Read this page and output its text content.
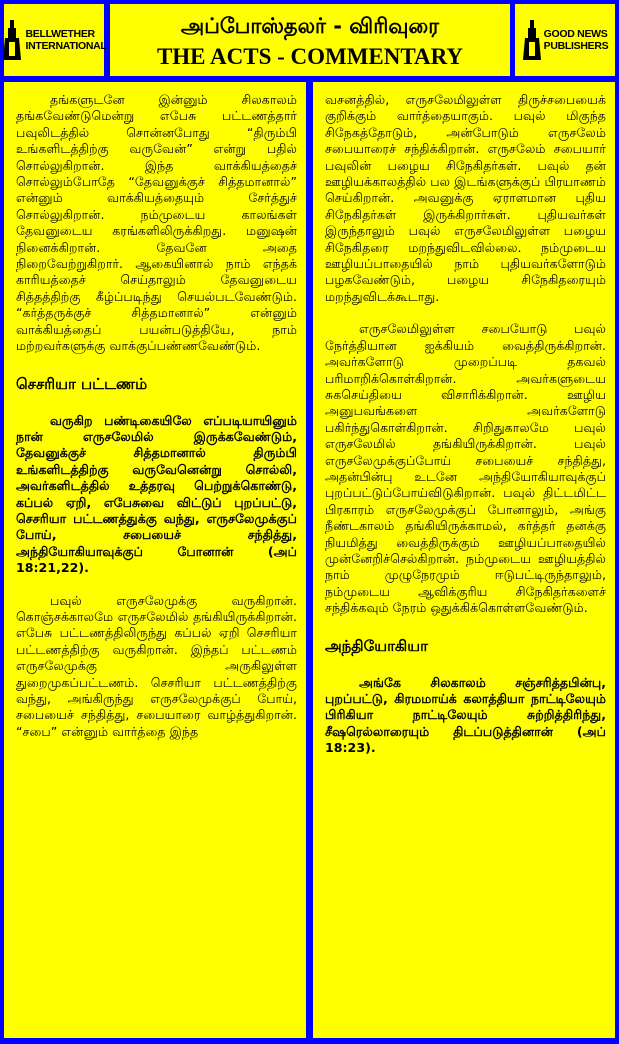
BELLWETHER
INTERNATIONAL
அப்போஸ்தலர் - விரிவுரை
THE ACTS - COMMENTARY
GOOD NEWS
PUBLISHERS

தங்களுடனே இன்னும் சிலகாலம் தங்கவேண்டுமென்று எபேசு பட்டணத்தார் பவுலிடத்தில் சொன்னபோது “திரும்பி உங்களிடத்திற்கு வருவேன்” என்று பதில் சொல்லுகிறான். இந்த வாக்கியத்தைச் சொல்லும்போதே “தேவனுக்குச் சித்தமானால்” என்னும் வாக்கியத்தையும் சேர்த்துச் சொல்லுகிறான். நம்முடைய காலங்கள் தேவனுடைய கரங்களிலிருக்கிறது. மனுஷன் நினைக்கிறான். தேவனே அதை நிறைவேற்றுகிறார். ஆகையினால் நாம் எந்தக் காரியத்தைச் செய்தாலும் தேவனுடைய சித்தத்திற்கு கீழ்ப்படிந்து செயல்படவேண்டும். “கர்த்தருக்குச் சித்தமானால்” என்னும் வாக்கியத்தைப் பயன்படுத்தியே, நாம் மற்றவர்களுக்கு வாக்குப்பண்ணவேண்டும்.

செசரியா பட்டணம்

வருகிற பண்டிகையிலே எப்படியாயினும் நான் எருசலேமில் இருக்கவேண்டும், தேவனுக்குச் சித்தமானால் திரும்பி உங்களிடத்திற்கு வருவேனென்று சொல்லி, அவர்களிடத்தில் உத்தரவு பெற்றுக்கொண்டு, கப்பல் ஏறி, எபேசுவை விட்டுப் புறப்பட்டு, செசரியா பட்டணத்துக்கு வந்து, எருசலேமுக்குப் போய், சபையைச் சந்தித்து, அந்தியோகியாவுக்குப் போனான் (அப் 18:21,22).

பவுல் எருசலேமுக்கு வருகிறான். கொஞ்சக்காலமே எருசலேமில் தங்கியிருக்கிறான். எபேசு பட்டணத்திலிருந்து கப்பல் ஏறி செசரியா பட்டணத்திற்கு வருகிறான். இந்தப் பட்டணம் எருசலேமுக்கு அருகிலுள்ள துறைமுகப்பட்டணம். செசரியா பட்டணத்திற்கு வந்து, அங்கிருந்து எருசலேமுக்குப் போய், சபையைச் சந்தித்து, சபையாரை வாழ்த்துகிறான். “சபை” என்னும் வார்த்தை இந்த

வசனத்தில், எருசலேமிலுள்ள திருச்சபையைக் குறிக்கும் வார்த்தையாகும். பவுல் மிகுந்த சிநேகத்தோடும், அன்போடும் எருசலேம் சபையாரைச் சந்திக்கிறான். எருசலேம் சபையார் பவுலின் பழைய சிநேகிதர்கள். பவுல் தன் ஊழியக்காலத்தில் பல இடங்களுக்குப் பிரயாணம் செய்கிறான். அவனுக்கு ஏராளமான புதிய சிநேகிதர்கள் இருக்கிறார்கள். புதியவர்கள் இருந்தாலும் பவுல் எருசலேமிலுள்ள பழைய சிநேகிதரை மறந்துவிடவில்லை. நம்முடைய ஊழியப்பாதையில் நாம் புதியவர்களோடும் பழகவேண்டும், பழைய சிநேகிதரையும் மறந்துவிடக்கூடாது.

எருசலேமிலுள்ள சபையோடு பவுல் நேர்த்தியான ஐக்கியம் வைத்திருக்கிறான். அவர்களோடு முறைப்படி தகவல் பரிமாறிக்கொள்கிறான். அவர்களுடைய சுகசெய்தியை விசாரிக்கிறான். ஊழிய அனுபவங்களை அவர்களோடு பகிர்ந்துகொள்கிறான். சிறிதுகாலமே பவுல் எருசலேமில் தங்கியிருக்கிறான். பவுல் எருசலேமுக்குப்போய் சபையைச் சந்தித்து, அதன்பின்பு உடனே அந்தியோகியாவுக்குப் புறப்பட்டுப்போய்விடுகிறான். பவுல் திட்டமிட்ட பிரகாரம் எருசலேமுக்குப் போனாலும், அங்கு நீண்டகாலம் தங்கியிருக்காமல், கர்த்தர் தனக்கு நியமித்து வைத்திருக்கும் ஊழியப்பாதையில் முன்னேறிச்செல்கிறான். நம்முடைய ஊழியத்தில் நாம் முழுநேரமும் ஈடுபட்டிருந்தாலும், நம்முடைய ஆவிக்குரிய சிநேகிதர்களைச் சந்திக்கவும் நேரம் ஒதுக்கிக்கொள்ளவேண்டும்.

அந்தியோகியா

அங்கே சிலகாலம் சஞ்சரித்தபின்பு, புறப்பட்டு, கிரமமாய்க் கலாத்தியா நாட்டிலேயும் பிரிகியா நாட்டிலேயும் சுற்றித்திரிந்து, சீஷரெல்லாரையும் திடப்படுத்தினான் (அப் 18:23).
